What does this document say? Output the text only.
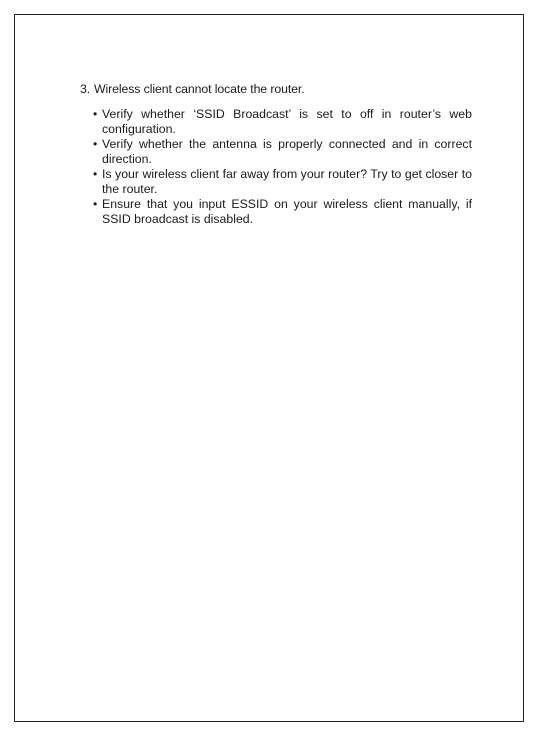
3. Wireless client cannot locate the router.
• Verify whether ‘SSID Broadcast’ is set to off in router’s web configuration.
• Verify whether the antenna is properly connected and in correct direction.
• Is your wireless client far away from your router? Try to get closer to the router.
• Ensure that you input ESSID on your wireless client manually, if SSID broadcast is disabled.
